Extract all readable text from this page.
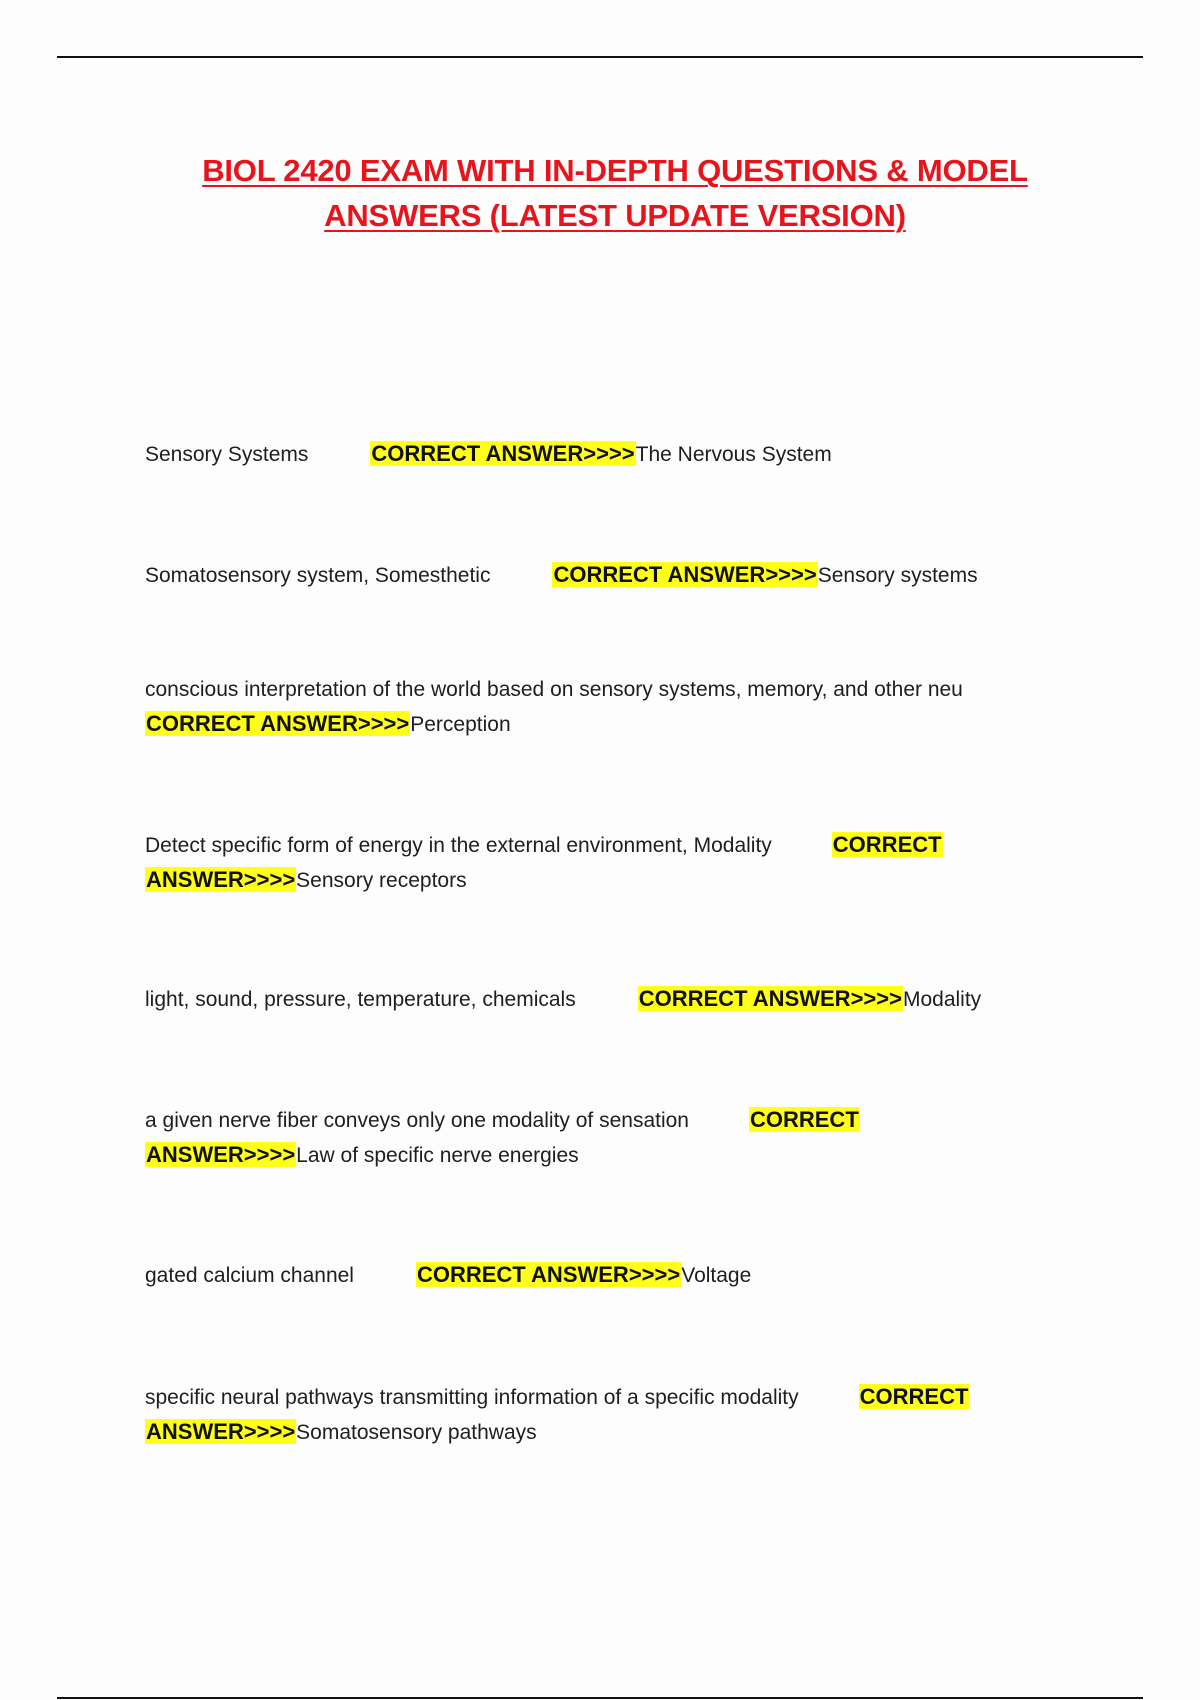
BIOL 2420 EXAM WITH IN-DEPTH QUESTIONS & MODEL ANSWERS (LATEST UPDATE VERSION)
Sensory Systems	CORRECT ANSWER>>>>The Nervous System
Somatosensory system, Somesthetic	CORRECT ANSWER>>>>Sensory systems
conscious interpretation of the world based on sensory systems, memory, and other neu
CORRECT ANSWER>>>>Perception
Detect specific form of energy in the external environment, Modality	CORRECT
ANSWER>>>>Sensory receptors
light, sound, pressure, temperature, chemicals	CORRECT ANSWER>>>>Modality
a given nerve fiber conveys only one modality of sensation	CORRECT
ANSWER>>>>Law of specific nerve energies
gated calcium channel	CORRECT ANSWER>>>>Voltage
specific neural pathways transmitting information of a specific modality	CORRECT
ANSWER>>>>Somatosensory pathways
